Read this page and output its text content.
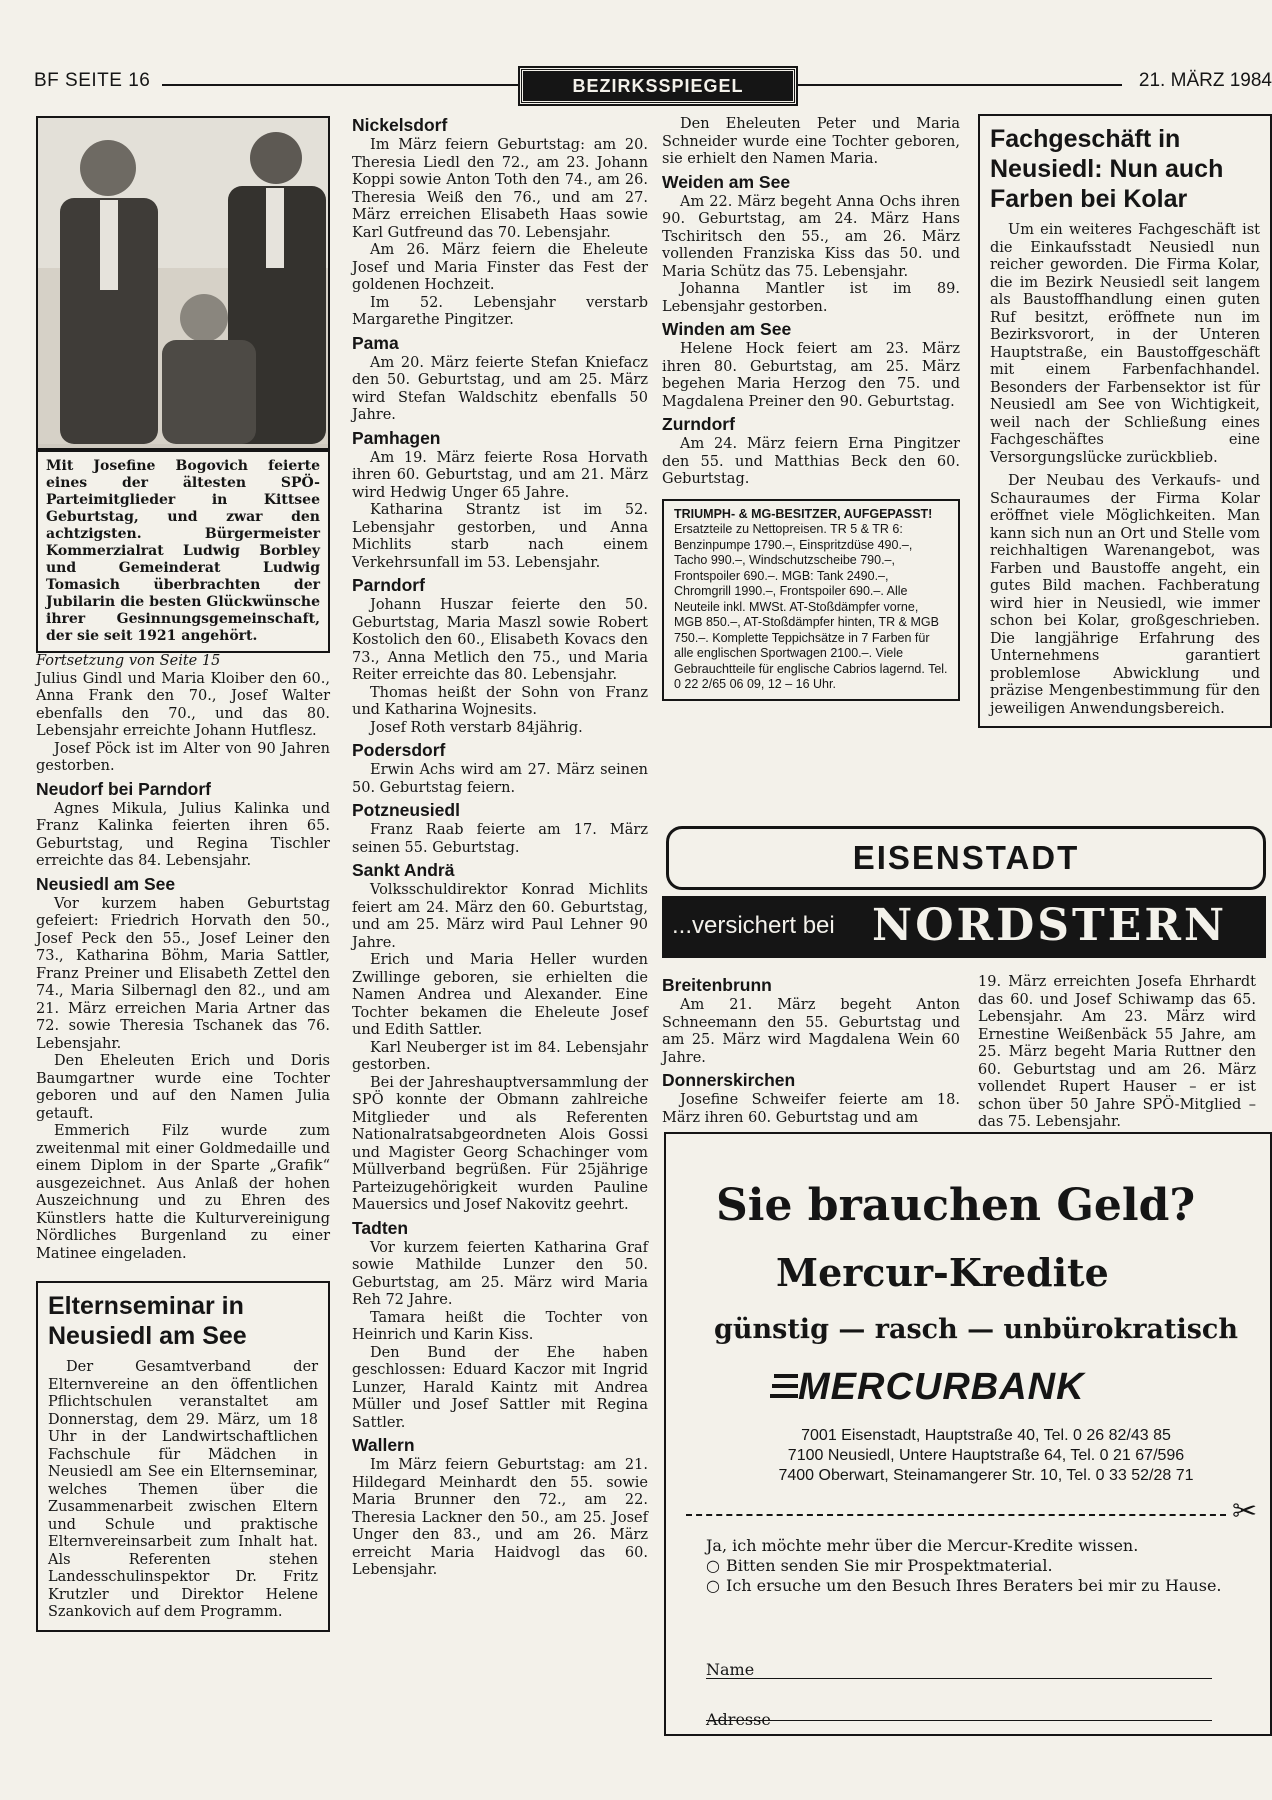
BF SEITE 16	BEZIRKSSPIEGEL	21. MÄRZ 1984

Mit Josefine Bogovich feierte eines der ältesten SPÖ-Parteimitglieder in Kittsee Geburtstag, und zwar den achtzigsten. Bürgermeister Kommerzialrat Ludwig Borbley und Gemeinderat Ludwig Tomasich überbrachten der Jubilarin die besten Glückwünsche ihrer Gesinnungsgemeinschaft, der sie seit 1921 angehört.

Fortsetzung von Seite 15

Julius Gindl und Maria Kloiber den 60., Anna Frank den 70., Josef Walter ebenfalls den 70., und das 80. Lebensjahr erreichte Johann Hutflesz.

Josef Pöck ist im Alter von 90 Jahren gestorben.

Neudorf bei Parndorf

Agnes Mikula, Julius Kalinka und Franz Kalinka feierten ihren 65. Geburtstag, und Regina Tischler erreichte das 84. Lebensjahr.

Neusiedl am See

Vor kurzem haben Geburtstag gefeiert: Friedrich Horvath den 50., Josef Peck den 55., Josef Leiner den 73., Katharina Böhm, Maria Sattler, Franz Preiner und Elisabeth Zettel den 74., Maria Silbernagl den 82., und am 21. März erreichen Maria Artner das 72. sowie Theresia Tschanek das 76. Lebensjahr.

Den Eheleuten Erich und Doris Baumgartner wurde eine Tochter geboren und auf den Namen Julia getauft.

Emmerich Filz wurde zum zweitenmal mit einer Goldmedaille und einem Diplom in der Sparte „Grafik“ ausgezeichnet. Aus Anlaß der hohen Auszeichnung und zu Ehren des Künstlers hatte die Kulturvereinigung Nördliches Burgenland zu einer Matinee eingeladen.

Elternseminar in Neusiedl am See

Der Gesamtverband der Elternvereine an den öffentlichen Pflichtschulen veranstaltet am Donnerstag, dem 29. März, um 18 Uhr in der Landwirtschaftlichen Fachschule für Mädchen in Neusiedl am See ein Elternseminar, welches Themen über die Zusammenarbeit zwischen Eltern und Schule und praktische Elternvereinsarbeit zum Inhalt hat. Als Referenten stehen Landesschulinspektor Dr. Fritz Krutzler und Direktor Helene Szankovich auf dem Programm.

Nickelsdorf

Im März feiern Geburtstag: am 20. Theresia Liedl den 72., am 23. Johann Koppi sowie Anton Toth den 74., am 26. Theresia Weiß den 76., und am 27. März erreichen Elisabeth Haas sowie Karl Gutfreund das 70. Lebensjahr.

Am 26. März feiern die Eheleute Josef und Maria Finster das Fest der goldenen Hochzeit.

Im 52. Lebensjahr verstarb Margarethe Pingitzer.

Pama

Am 20. März feierte Stefan Kniefacz den 50. Geburtstag, und am 25. März wird Stefan Waldschitz ebenfalls 50 Jahre.

Pamhagen

Am 19. März feierte Rosa Horvath ihren 60. Geburtstag, und am 21. März wird Hedwig Unger 65 Jahre.

Katharina Strantz ist im 52. Lebensjahr gestorben, und Anna Michlits starb nach einem Verkehrsunfall im 53. Lebensjahr.

Parndorf

Johann Huszar feierte den 50. Geburtstag, Maria Maszl sowie Robert Kostolich den 60., Elisabeth Kovacs den 73., Anna Metlich den 75., und Maria Reiter erreichte das 80. Lebensjahr.

Thomas heißt der Sohn von Franz und Katharina Wojnesits.

Josef Roth verstarb 84jährig.

Podersdorf

Erwin Achs wird am 27. März seinen 50. Geburtstag feiern.

Potzneusiedl

Franz Raab feierte am 17. März seinen 55. Geburtstag.

Sankt Andrä

Volksschuldirektor Konrad Michlits feiert am 24. März den 60. Geburtstag, und am 25. März wird Paul Lehner 90 Jahre.

Erich und Maria Heller wurden Zwillinge geboren, sie erhielten die Namen Andrea und Alexander. Eine Tochter bekamen die Eheleute Josef und Edith Sattler.

Karl Neuberger ist im 84. Lebensjahr gestorben.

Bei der Jahreshauptversammlung der SPÖ konnte der Obmann zahlreiche Mitglieder und als Referenten Nationalratsabgeordneten Alois Gossi und Magister Georg Schachinger vom Müllverband begrüßen. Für 25jährige Parteizugehörigkeit wurden Pauline Mauersics und Josef Nakovitz geehrt.

Tadten

Vor kurzem feierten Katharina Graf sowie Mathilde Lunzer den 50. Geburtstag, am 25. März wird Maria Reh 72 Jahre.

Tamara heißt die Tochter von Heinrich und Karin Kiss.

Den Bund der Ehe haben geschlossen: Eduard Kaczor mit Ingrid Lunzer, Harald Kaintz mit Andrea Müller und Josef Sattler mit Regina Sattler.

Wallern

Im März feiern Geburtstag: am 21. Hildegard Meinhardt den 55. sowie Maria Brunner den 72., am 22. Theresia Lackner den 50., am 25. Josef Unger den 83., und am 26. März erreicht Maria Haidvogl das 60. Lebensjahr.

Den Eheleuten Peter und Maria Schneider wurde eine Tochter geboren, sie erhielt den Namen Maria.

Weiden am See

Am 22. März begeht Anna Ochs ihren 90. Geburtstag, am 24. März Hans Tschiritsch den 55., am 26. März vollenden Franziska Kiss das 50. und Maria Schütz das 75. Lebensjahr.

Johanna Mantler ist im 89. Lebensjahr gestorben.

Winden am See

Helene Hock feiert am 23. März ihren 80. Geburtstag, am 25. März begehen Maria Herzog den 75. und Magdalena Preiner den 90. Geburtstag.

Zurndorf

Am 24. März feiern Erna Pingitzer den 55. und Matthias Beck den 60. Geburtstag.

TRIUMPH- & MG-BESITZER, AUFGEPASST! Ersatzteile zu Nettopreisen. TR 5 & TR 6: Benzinpumpe 1790.–, Einspritzdüse 490.–, Tacho 990.–, Windschutzscheibe 790.–, Frontspoiler 690.–. MGB: Tank 2490.–, Chromgrill 1990.–, Frontspoiler 690.–. Alle Neuteile inkl. MWSt. AT-Stoßdämpfer vorne, MGB 850.–, AT-Stoßdämpfer hinten, TR & MGB 750.–. Komplette Teppichsätze in 7 Farben für alle englischen Sportwagen 2100.–. Viele Gebrauchtteile für englische Cabrios lagernd. Tel. 0 22 2/65 06 09, 12 – 16 Uhr.
Fachgeschäft in Neusiedl: Nun auch Farben bei Kolar

Um ein weiteres Fachgeschäft ist die Einkaufsstadt Neusiedl nun reicher geworden. Die Firma Kolar, die im Bezirk Neusiedl seit langem als Baustoffhandlung einen guten Ruf besitzt, eröffnete nun im Bezirksvorort, in der Unteren Hauptstraße, ein Baustoffgeschäft mit einem Farbenfachhandel. Besonders der Farbensektor ist für Neusiedl am See von Wichtigkeit, weil nach der Schließung eines Fachgeschäftes eine Versorgungslücke zurückblieb.

Der Neubau des Verkaufs- und Schauraumes der Firma Kolar eröffnet viele Möglichkeiten. Man kann sich nun an Ort und Stelle vom reichhaltigen Warenangebot, was Farben und Baustoffe angeht, ein gutes Bild machen. Fachberatung wird hier in Neusiedl, wie immer schon bei Kolar, großgeschrieben. Die langjährige Erfahrung des Unternehmens garantiert problemlose Abwicklung und präzise Mengenbestimmung für den jeweiligen Anwendungsbereich.

EISENSTADT
...versichert bei NORDSTERN
Breitenbrunn

Am 21. März begeht Anton Schneemann den 55. Geburtstag und am 25. März wird Magdalena Wein 60 Jahre.

Donnerskirchen

Josefine Schweifer feierte am 18. März ihren 60. Geburtstag und am

19. März erreichten Josefa Ehrhardt das 60. und Josef Schiwamp das 65. Lebensjahr. Am 23. März wird Ernestine Weißenbäck 55 Jahre, am 25. März begeht Maria Ruttner den 60. Geburtstag und am 26. März vollendet Rupert Hauser – er ist schon über 50 Jahre SPÖ-Mitglied – das 75. Lebensjahr.

Sie brauchen Geld?
Mercur-Kredite
günstig — rasch — unbürokratisch
MERCURBANK
7001 Eisenstadt, Hauptstraße 40, Tel. 0 26 82/43 85
7100 Neusiedl, Untere Hauptstraße 64, Tel. 0 21 67/596
7400 Oberwart, Steinamangerer Str. 10, Tel. 0 33 52/28 71
✂
Ja, ich möchte mehr über die Mercur-Kredite wissen.
○ Bitten senden Sie mir Prospektmaterial.
○ Ich ersuche um den Besuch Ihres Beraters bei mir zu Hause.
Name
Adresse
